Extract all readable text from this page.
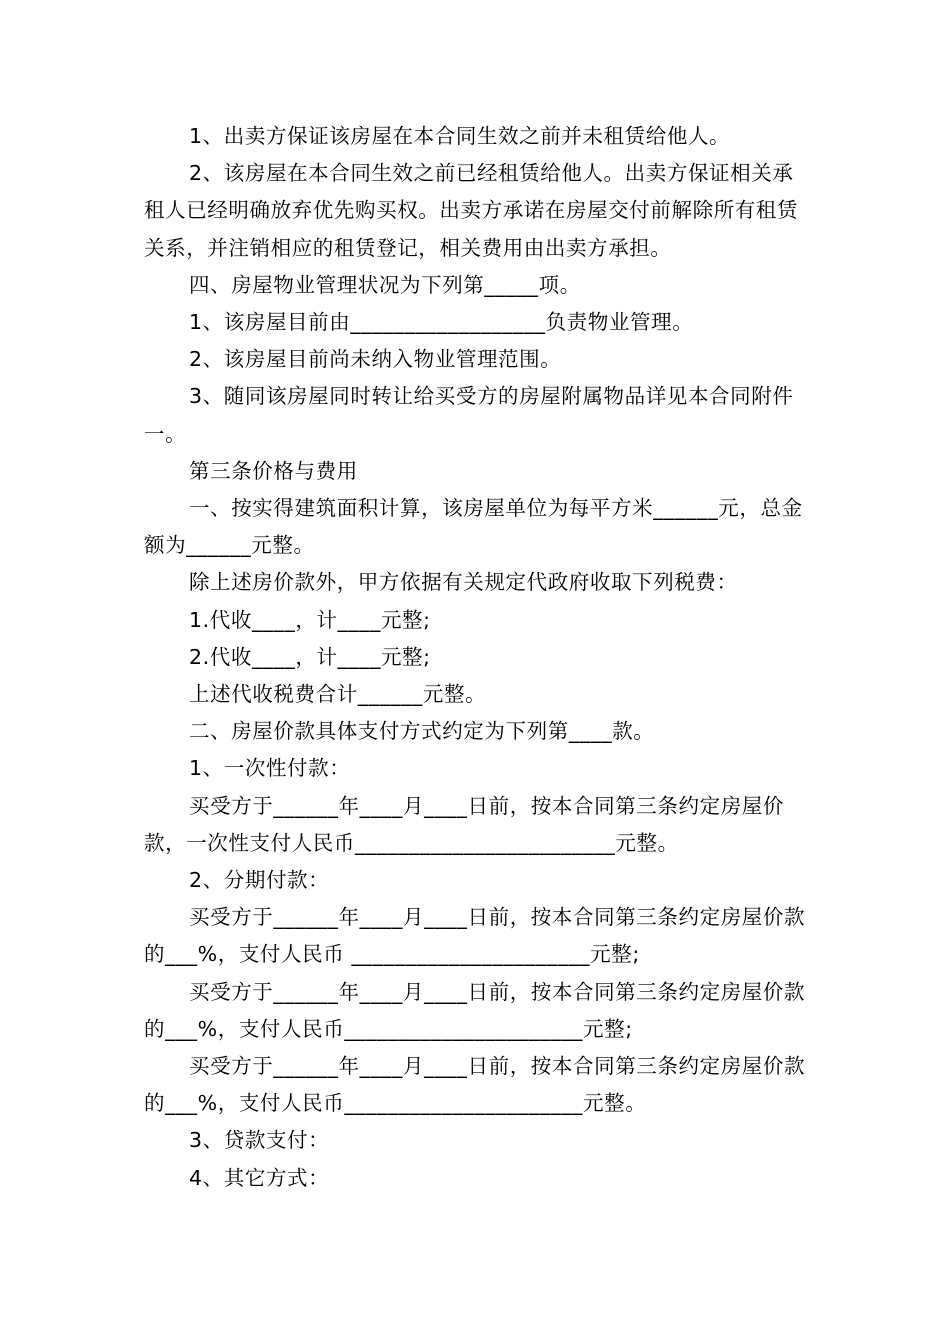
1、出卖方保证该房屋在本合同生效之前并未租赁给他人。

2、该房屋在本合同生效之前已经租赁给他人。出卖方保证相关承租人已经明确放弃优先购买权。出卖方承诺在房屋交付前解除所有租赁关系，并注销相应的租赁登记，相关费用由出卖方承担。

四、房屋物业管理状况为下列第_____项。

1、该房屋目前由__________________负责物业管理。

2、该房屋目前尚未纳入物业管理范围。

3、随同该房屋同时转让给买受方的房屋附属物品详见本合同附件一。

第三条价格与费用

一、按实得建筑面积计算，该房屋单位为每平方米______元，总金额为______元整。

除上述房价款外，甲方依据有关规定代政府收取下列税费：

1.代收____，计____元整;

2.代收____，计____元整;

上述代收税费合计______元整。

二、房屋价款具体支付方式约定为下列第____款。

1、一次性付款：

买受方于______年____月____日前，按本合同第三条约定房屋价款，一次性支付人民币________________________元整。

2、分期付款：

买受方于______年____月____日前，按本合同第三条约定房屋价款的___%，支付人民币 ______________________元整;

买受方于______年____月____日前，按本合同第三条约定房屋价款的___%，支付人民币______________________元整;

买受方于______年____月____日前，按本合同第三条约定房屋价款的___%，支付人民币______________________元整。

3、贷款支付：

4、其它方式：
